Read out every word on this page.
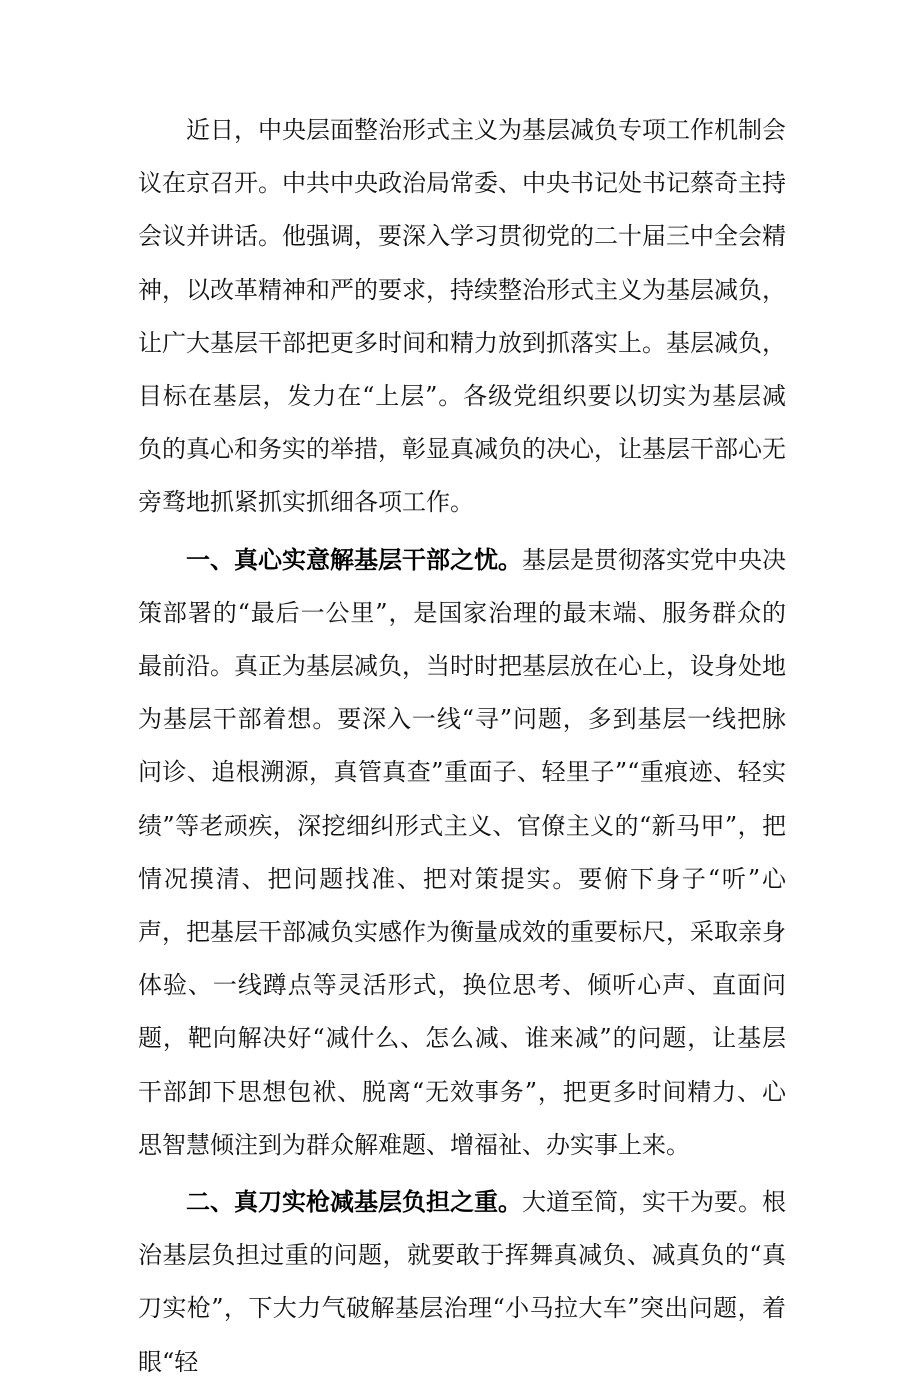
近日，中央层面整治形式主义为基层减负专项工作机制会议在京召开。中共中央政治局常委、中央书记处书记蔡奇主持会议并讲话。他强调，要深入学习贯彻党的二十届三中全会精神，以改革精神和严的要求，持续整治形式主义为基层减负，让广大基层干部把更多时间和精力放到抓落实上。基层减负，目标在基层，发力在“上层”。各级党组织要以切实为基层减负的真心和务实的举措，彰显真减负的决心，让基层干部心无旁骛地抓紧抓实抓细各项工作。

一、真心实意解基层干部之忧。基层是贯彻落实党中央决策部署的“最后一公里”，是国家治理的最末端、服务群众的最前沿。真正为基层减负，当时时把基层放在心上，设身处地为基层干部着想。要深入一线“寻”问题，多到基层一线把脉问诊、追根溯源，真管真查”重面子、轻里子”“重痕迹、轻实绩”等老顽疾，深挖细纠形式主义、官僚主义的“新马甲”，把情况摸清、把问题找准、把对策提实。要俯下身子“听”心声，把基层干部减负实感作为衡量成效的重要标尺，采取亲身体验、一线蹲点等灵活形式，换位思考、倾听心声、直面问题，靶向解决好“减什么、怎么减、谁来减”的问题，让基层干部卸下思想包袱、脱离“无效事务”，把更多时间精力、心思智慧倾注到为群众解难题、增福祉、办实事上来。

二、真刀实枪减基层负担之重。大道至简，实干为要。根治基层负担过重的问题，就要敢于挥舞真减负、减真负的“真刀实枪”，下大力气破解基层治理“小马拉大车”突出问题，着眼“轻
